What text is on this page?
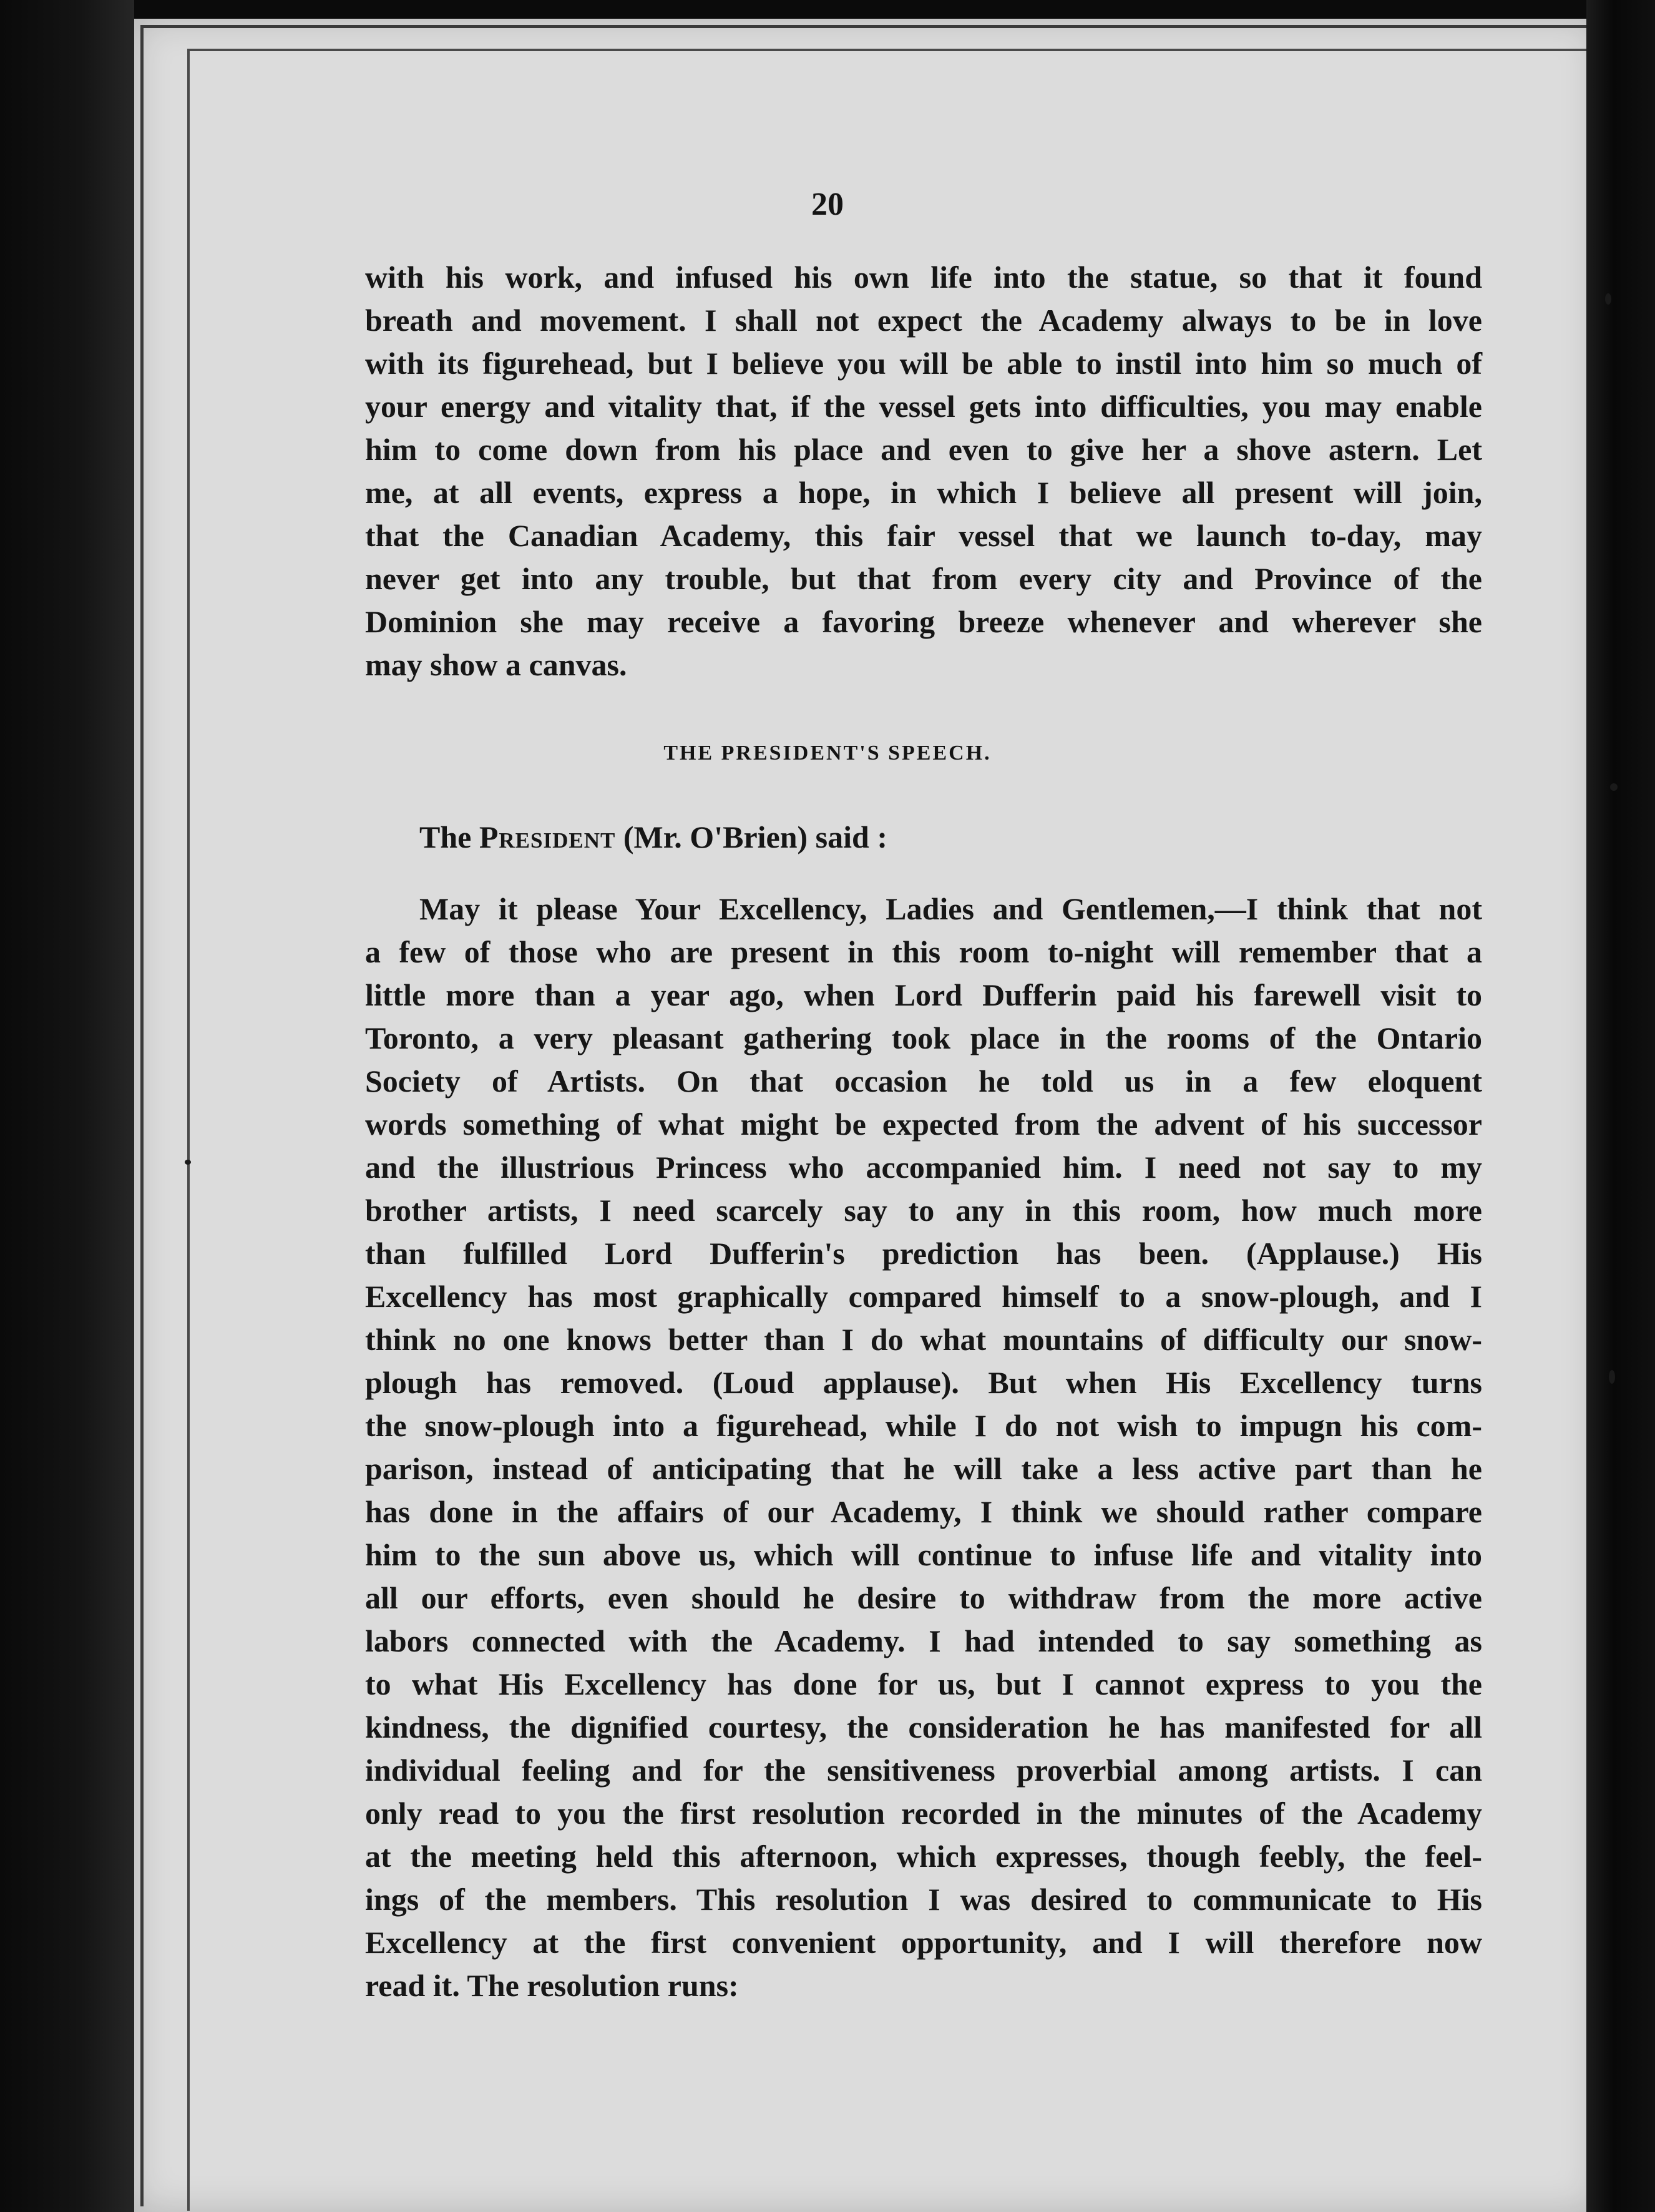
20
with his work, and infused his own life into the statue, so that it found
breath and movement. I shall not expect the Academy always to be in love
with its figurehead, but I believe you will be able to instil into him so much of
your energy and vitality that, if the vessel gets into difficulties, you may enable
him to come down from his place and even to give her a shove astern. Let
me, at all events, express a hope, in which I believe all present will join,
that the Canadian Academy, this fair vessel that we launch to-day, may
never get into any trouble, but that from every city and Province of the
Dominion she may receive a favoring breeze whenever and wherever she
may show a canvas.
THE PRESIDENT'S SPEECH.
The President (Mr. O'Brien) said :
May it please Your Excellency, Ladies and Gentlemen,—I think that not
a few of those who are present in this room to-night will remember that a
little more than a year ago, when Lord Dufferin paid his farewell visit to
Toronto, a very pleasant gathering took place in the rooms of the Ontario
Society of Artists. On that occasion he told us in a few eloquent
words something of what might be expected from the advent of his successor
and the illustrious Princess who accompanied him. I need not say to my
brother artists, I need scarcely say to any in this room, how much more
than fulfilled Lord Dufferin's prediction has been. (Applause.) His
Excellency has most graphically compared himself to a snow-plough, and I
think no one knows better than I do what mountains of difficulty our snow-
plough has removed. (Loud applause). But when His Excellency turns
the snow-plough into a figurehead, while I do not wish to impugn his com-
parison, instead of anticipating that he will take a less active part than he
has done in the affairs of our Academy, I think we should rather compare
him to the sun above us, which will continue to infuse life and vitality into
all our efforts, even should he desire to withdraw from the more active
labors connected with the Academy. I had intended to say something as
to what His Excellency has done for us, but I cannot express to you the
kindness, the dignified courtesy, the consideration he has manifested for all
individual feeling and for the sensitiveness proverbial among artists. I can
only read to you the first resolution recorded in the minutes of the Academy
at the meeting held this afternoon, which expresses, though feebly, the feel-
ings of the members. This resolution I was desired to communicate to His
Excellency at the first convenient opportunity, and I will therefore now
read it. The resolution runs:
